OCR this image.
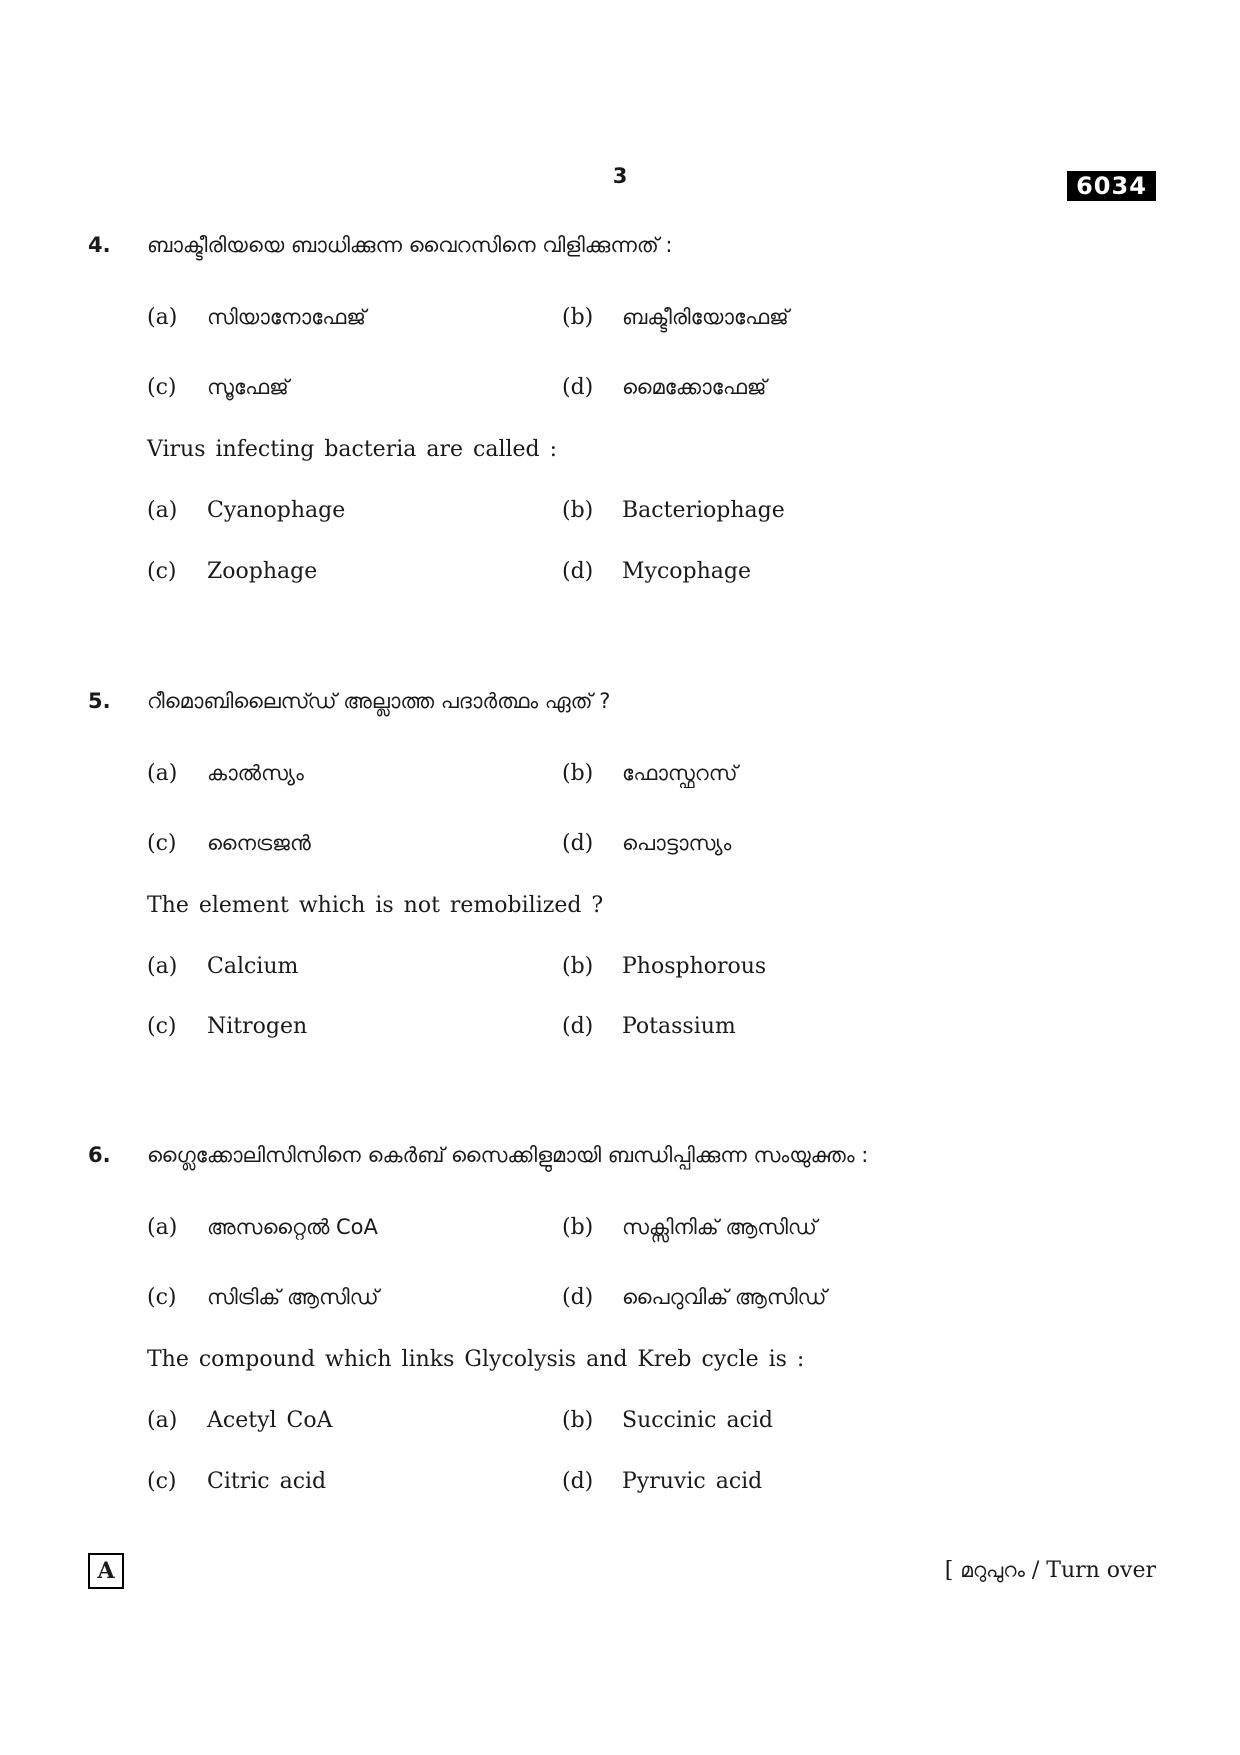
3	6034
4. ബാക്ടീരിയയെ ബാധിക്കുന്ന വൈറസിനെ വിളിക്കുന്നത് :
(a) സിയാനോഫേജ്	(b) ബക്ടീരിയോഫേജ്
(c) സൂഫേജ്	(d) മൈക്കോഫേജ്
Virus infecting bacteria are called :
(a) Cyanophage	(b) Bacteriophage
(c) Zoophage	(d) Mycophage
5. റീമൊബിലൈസ്ഡ് അല്ലാത്ത പദാർത്ഥം ഏത് ?
(a) കാൽസ്യം	(b) ഫോസ്ഫറസ്
(c) നൈട്രജൻ	(d) പൊട്ടാസ്യം
The element which is not remobilized ?
(a) Calcium	(b) Phosphorous
(c) Nitrogen	(d) Potassium
6. ഗ്ലൈക്കോലിസിസിനെ കെർബ് സൈക്കിളുമായി ബന്ധിപ്പിക്കുന്ന സംയുക്തം :
(a) അസറ്റൈൽ CoA	(b) സക്സിനിക് ആസിഡ്
(c) സിട്രിക് ആസിഡ്	(d) പൈറുവിക് ആസിഡ്
The compound which links Glycolysis and Kreb cycle is :
(a) Acetyl CoA	(b) Succinic acid
(c) Citric acid	(d) Pyruvic acid
A	[ മറുപുറം / Turn over
